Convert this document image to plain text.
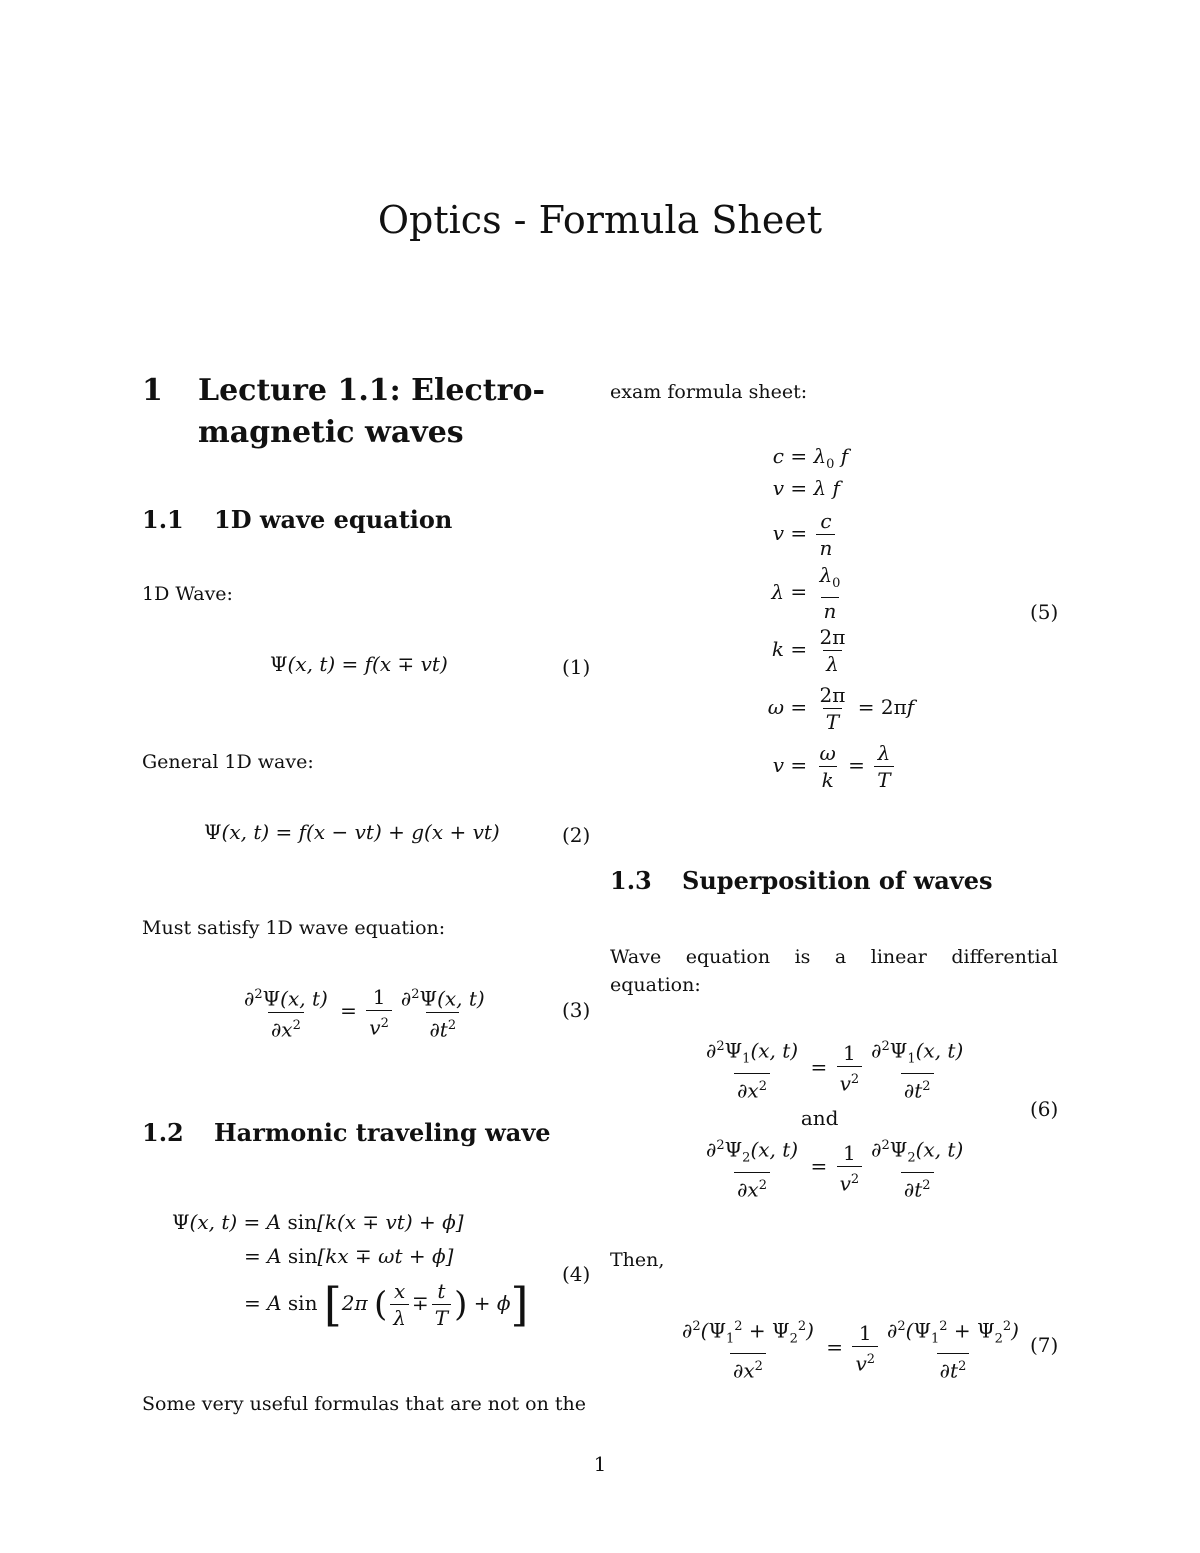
Optics - Formula Sheet
1 Lecture 1.1: Electro-
magnetic waves
1.1 1D wave equation

1D Wave:

Ψ(x, t) = f(x ∓ vt)	(1)

General 1D wave:

Ψ(x, t) = f(x − vt) + g(x + vt)	(2)

Must satisfy 1D wave equation:

$\frac{\partial^2\Psi(x, t)}{\partial x^2} = \frac{1}{v^2} \frac{\partial^2\Psi(x, t)}{\partial t^2}$	(3)
1.2 Harmonic traveling wave
Ψ(x, t) = A sin[k(x ∓ vt) + ϕ]
= A sin[kx ∓ ωt + ϕ]
= A sin [2π ( $\frac{x}{\lambda} \mp \frac{t}{T}$ ) + ϕ]
(4)

Some very useful formulas that are not on the

exam formula sheet:

$c = \lambda_0$ f
v = λ f
$v = \frac{c}{n}$
$\lambda = \frac{\lambda_0}{n}$
$k = \frac{2\pi}{\lambda}$
$\omega = \frac{2\pi}{T} = 2\pi f$
$v = \frac{\omega}{k} = \frac{\lambda}{T}$
(5)
1.3 Superposition of waves

Wave equation is a linear differential equation:

$\frac{\partial^2\Psi_1(x, t)}{\partial x^2} = \frac{1}{v^2} \frac{\partial^2\Psi_1(x, t)}{\partial t^2}$
and
$\frac{\partial^2\Psi_2(x, t)}{\partial x^2} = \frac{1}{v^2} \frac{\partial^2\Psi_2(x, t)}{\partial t^2}$
(6)

Then,

$\frac{\partial^2(\Psi_1^2 + \Psi_2^2)}{\partial x^2} = \frac{1}{v^2} \frac{\partial^2(\Psi_1^2 + \Psi_2^2)}{\partial t^2} (7)$
1
